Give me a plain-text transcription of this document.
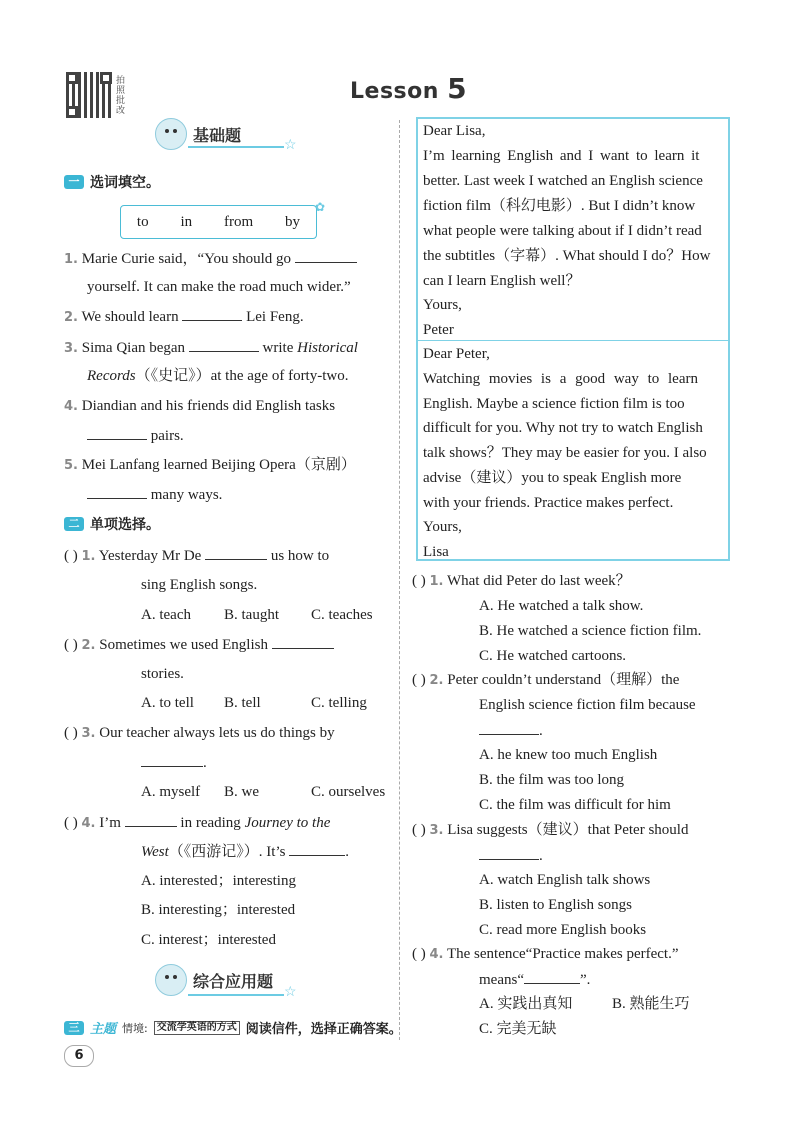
拍照批改
Lesson 5
基础题
☆
一 选词填空。
to in from by
✿
1. Marie Curie said，“You should go
yourself. It can make the road much wider.”
2. We should learn	Lei Feng.
3. Sima Qian began	write Historical
Records（《史记》）at the age of forty-two.
4. Diandian and his friends did English tasks
pairs.
5. Mei Lanfang learned Beijing Opera（京剧）
many ways.
二 单项选择。
( ) 1. Yesterday Mr De	us how to
sing English songs.
A. teach B. taught C. teaches
( ) 2. Sometimes we used English
stories.
A. to tell B. tell	C. telling
( ) 3. Our teacher always lets us do things by
.
A. myself B. we	C. ourselves
( ) 4. I’m	in reading Journey to the
West（《西游记》）. It’s	.
A. interested；interesting
B. interesting；interested
C. interest；interested
综合应用题
☆
三 主题 情境: 交流学英语的方式 阅读信件，选择正确答案。
6
Dear Lisa,
I’m learning English and I want to learn it
better. Last week I watched an English science
fiction film（科幻电影）. But I didn’t know
what people were talking about if I didn’t read
the subtitles（字幕）. What should I do？How
can I learn English well？
Yours,
Peter
Dear Peter,
Watching movies is a good way to learn
English. Maybe a science fiction film is too
difficult for you. Why not try to watch English
talk shows？They may be easier for you. I also
advise（建议）you to speak English more
with your friends. Practice makes perfect.
Yours,
Lisa
( ) 1. What did Peter do last week？
A. He watched a talk show.
B. He watched a science fiction film.
C. He watched cartoons.
( ) 2. Peter couldn’t understand（理解）the
English science fiction film because
.
A. he knew too much English
B. the film was too long
C. the film was difficult for him
( ) 3. Lisa suggests（建议）that Peter should
.
A. watch English talk shows
B. listen to English songs
C. read more English books
( ) 4. The sentence“Practice makes perfect.”
means“	”.
A. 实践出真知	B. 熟能生巧
C. 完美无缺
